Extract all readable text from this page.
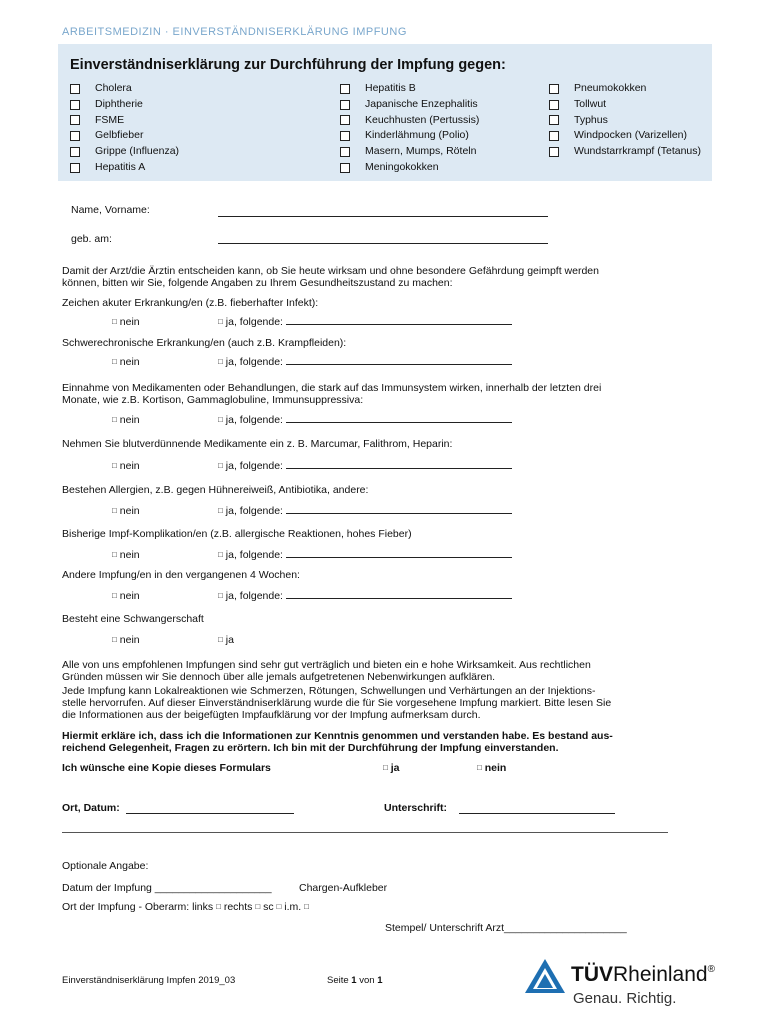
ARBEITSMEDIZIN · EINVERSTÄNDNISERKLÄRUNG IMPFUNG
Einverständniserklärung zur Durchführung der Impfung gegen:
Cholera
Diphtherie
FSME
Gelbfieber
Grippe (Influenza)
Hepatitis A
Hepatitis B
Japanische Enzephalitis
Keuchhusten (Pertussis)
Kinderlähmung (Polio)
Masern, Mumps, Röteln
Meningokokken
Pneumokokken
Tollwut
Typhus
Windpocken (Varizellen)
Wundstarrkrampf (Tetanus)
Name, Vorname:
geb. am:
Damit der Arzt/die Ärztin entscheiden kann, ob Sie heute wirksam und ohne besondere Gefährdung geimpft werden
können, bitten wir Sie, folgende Angaben zu Ihrem Gesundheitszustand zu machen:
Zeichen akuter Erkrankung/en (z.B. fieberhafter Infekt):
□ nein	□ ja, folgende:
Schwerechronische Erkrankung/en (auch z.B. Krampfleiden):
□ nein	□ ja, folgende:
Einnahme von Medikamenten oder Behandlungen, die stark auf das Immunsystem wirken, innerhalb der letzten drei
Monate, wie z.B. Kortison, Gammaglobuline, Immunsuppressiva:
□ nein	□ ja, folgende:
Nehmen Sie blutverdünnende Medikamente ein z. B. Marcumar, Falithrom, Heparin:
□ nein	□ ja, folgende:
Bestehen Allergien, z.B. gegen Hühnereiweiß, Antibiotika, andere:
□ nein	□ ja, folgende:
Bisherige Impf-Komplikation/en (z.B. allergische Reaktionen, hohes Fieber)
□ nein	□ ja, folgende:
Andere Impfung/en in den vergangenen 4 Wochen:
□ nein	□ ja, folgende:
Besteht eine Schwangerschaft
□ nein	□ ja
Alle von uns empfohlenen Impfungen sind sehr gut verträglich und bieten ein e hohe Wirksamkeit. Aus rechtlichen
Gründen müssen wir Sie dennoch über alle jemals aufgetretenen Nebenwirkungen aufklären.
Jede Impfung kann Lokalreaktionen wie Schmerzen, Rötungen, Schwellungen und Verhärtungen an der Injektions-
stelle hervorrufen. Auf dieser Einverständniserklärung wurde die für Sie vorgesehene Impfung markiert. Bitte lesen Sie
die Informationen aus der beigefügten Impfaufklärung vor der Impfung aufmerksam durch.
Hiermit erkläre ich, dass ich die Informationen zur Kenntnis genommen und verstanden habe. Es bestand aus-
reichend Gelegenheit, Fragen zu erörtern. Ich bin mit der Durchführung der Impfung einverstanden.
Ich wünsche eine Kopie dieses Formulars	□ ja	□ nein
Ort, Datum:	Unterschrift:
Optionale Angabe:
Datum der Impfung ____________________	Chargen-Aufkleber
Ort der Impfung - Oberarm: links □ rechts □ sc □ i.m. □
Stempel/ Unterschrift Arzt_____________________
Einverständniserklärung Impfen 2019_03	Seite 1 von 1	TÜVRheinland®
Genau. Richtig.
